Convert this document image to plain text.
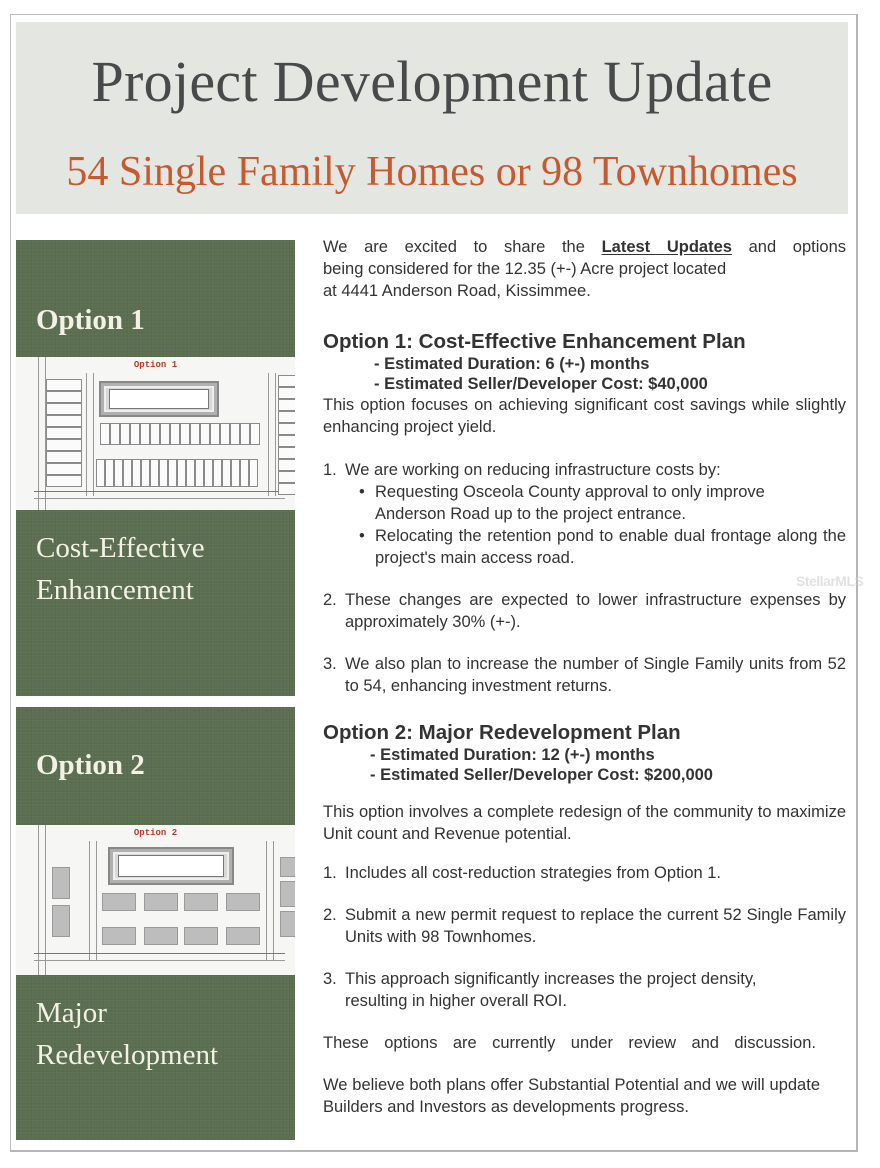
Project Development Update
54 Single Family Homes or 98 Townhomes
Option 1
Option 1
Cost-Effective
Enhancement
Option 2
Option 2
Major
Redevelopment

We are excited to share the Latest Updates and options

being considered for the 12.35 (+-) Acre project located

at 4441 Anderson Road, Kissimmee.

Option 1: Cost-Effective Enhancement Plan
- Estimated Duration: 6 (+-) months
- Estimated Seller/Developer Cost: $40,000

This option focuses on achieving significant cost savings while slightly enhancing project yield.

1. We are working on reducing infrastructure costs by:
• Requesting Osceola County approval to only improve Anderson Road up to the project entrance.
• Relocating the retention pond to enable dual frontage along the project's main access road.
2. These changes are expected to lower infrastructure expenses by approximately 30% (+-).
3. We also plan to increase the number of Single Family units from 52 to 54, enhancing investment returns.
Option 2: Major Redevelopment Plan
- Estimated Duration: 12 (+-) months
- Estimated Seller/Developer Cost: $200,000

This option involves a complete redesign of the community to maximize Unit count and Revenue potential.

1. Includes all cost-reduction strategies from Option 1.
2. Submit a new permit request to replace the current 52 Single Family Units with 98 Townhomes.
3. This approach significantly increases the project density, resulting in higher overall ROI.

These options are currently under review and discussion.

We believe both plans offer Substantial Potential and we will update Builders and Investors as developments progress.

StellarMLS
